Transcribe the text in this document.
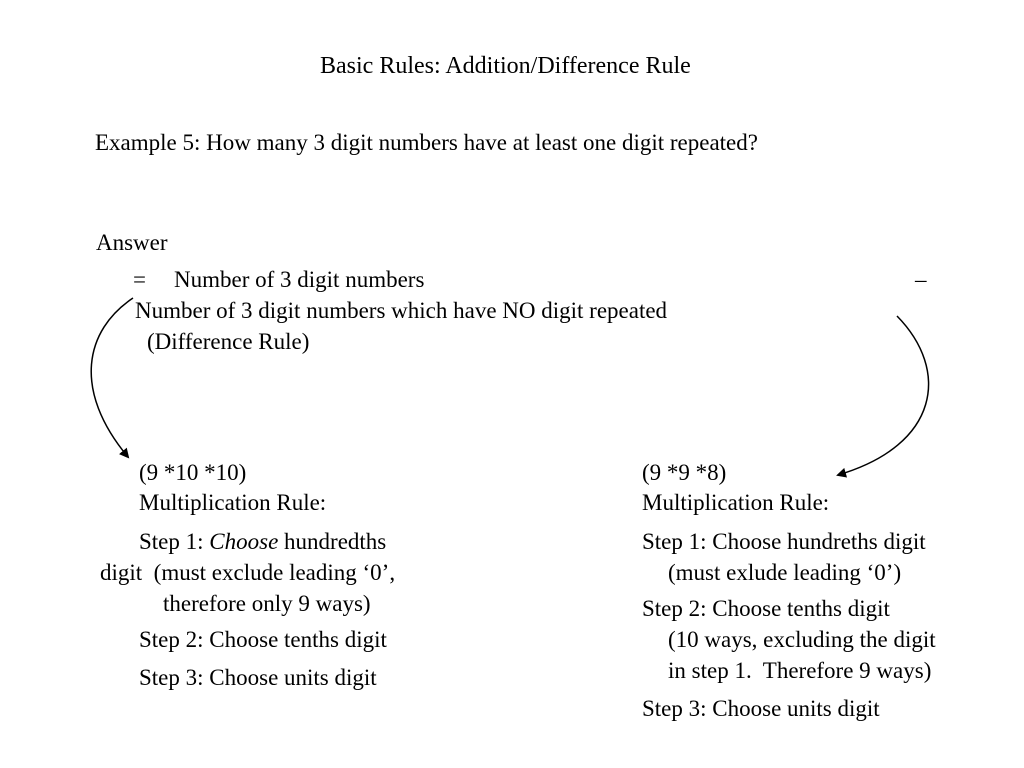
Basic Rules: Addition/Difference Rule
Example 5: How many 3 digit numbers have at least one digit repeated?
Answer
= Number of 3 digit numbers	–
Number of 3 digit numbers which have NO digit repeated
(Difference Rule)
(9 *10 *10)
Multiplication Rule:
Step 1: Choose hundredths
digit  (must exclude leading ‘0’,
therefore only 9 ways)
Step 2: Choose tenths digit
Step 3: Choose units digit
(9 *9 *8)
Multiplication Rule:
Step 1: Choose hundreths digit
(must exlude leading ‘0’)
Step 2: Choose tenths digit
(10 ways, excluding the digit
in step 1.  Therefore 9 ways)
Step 3: Choose units digit
